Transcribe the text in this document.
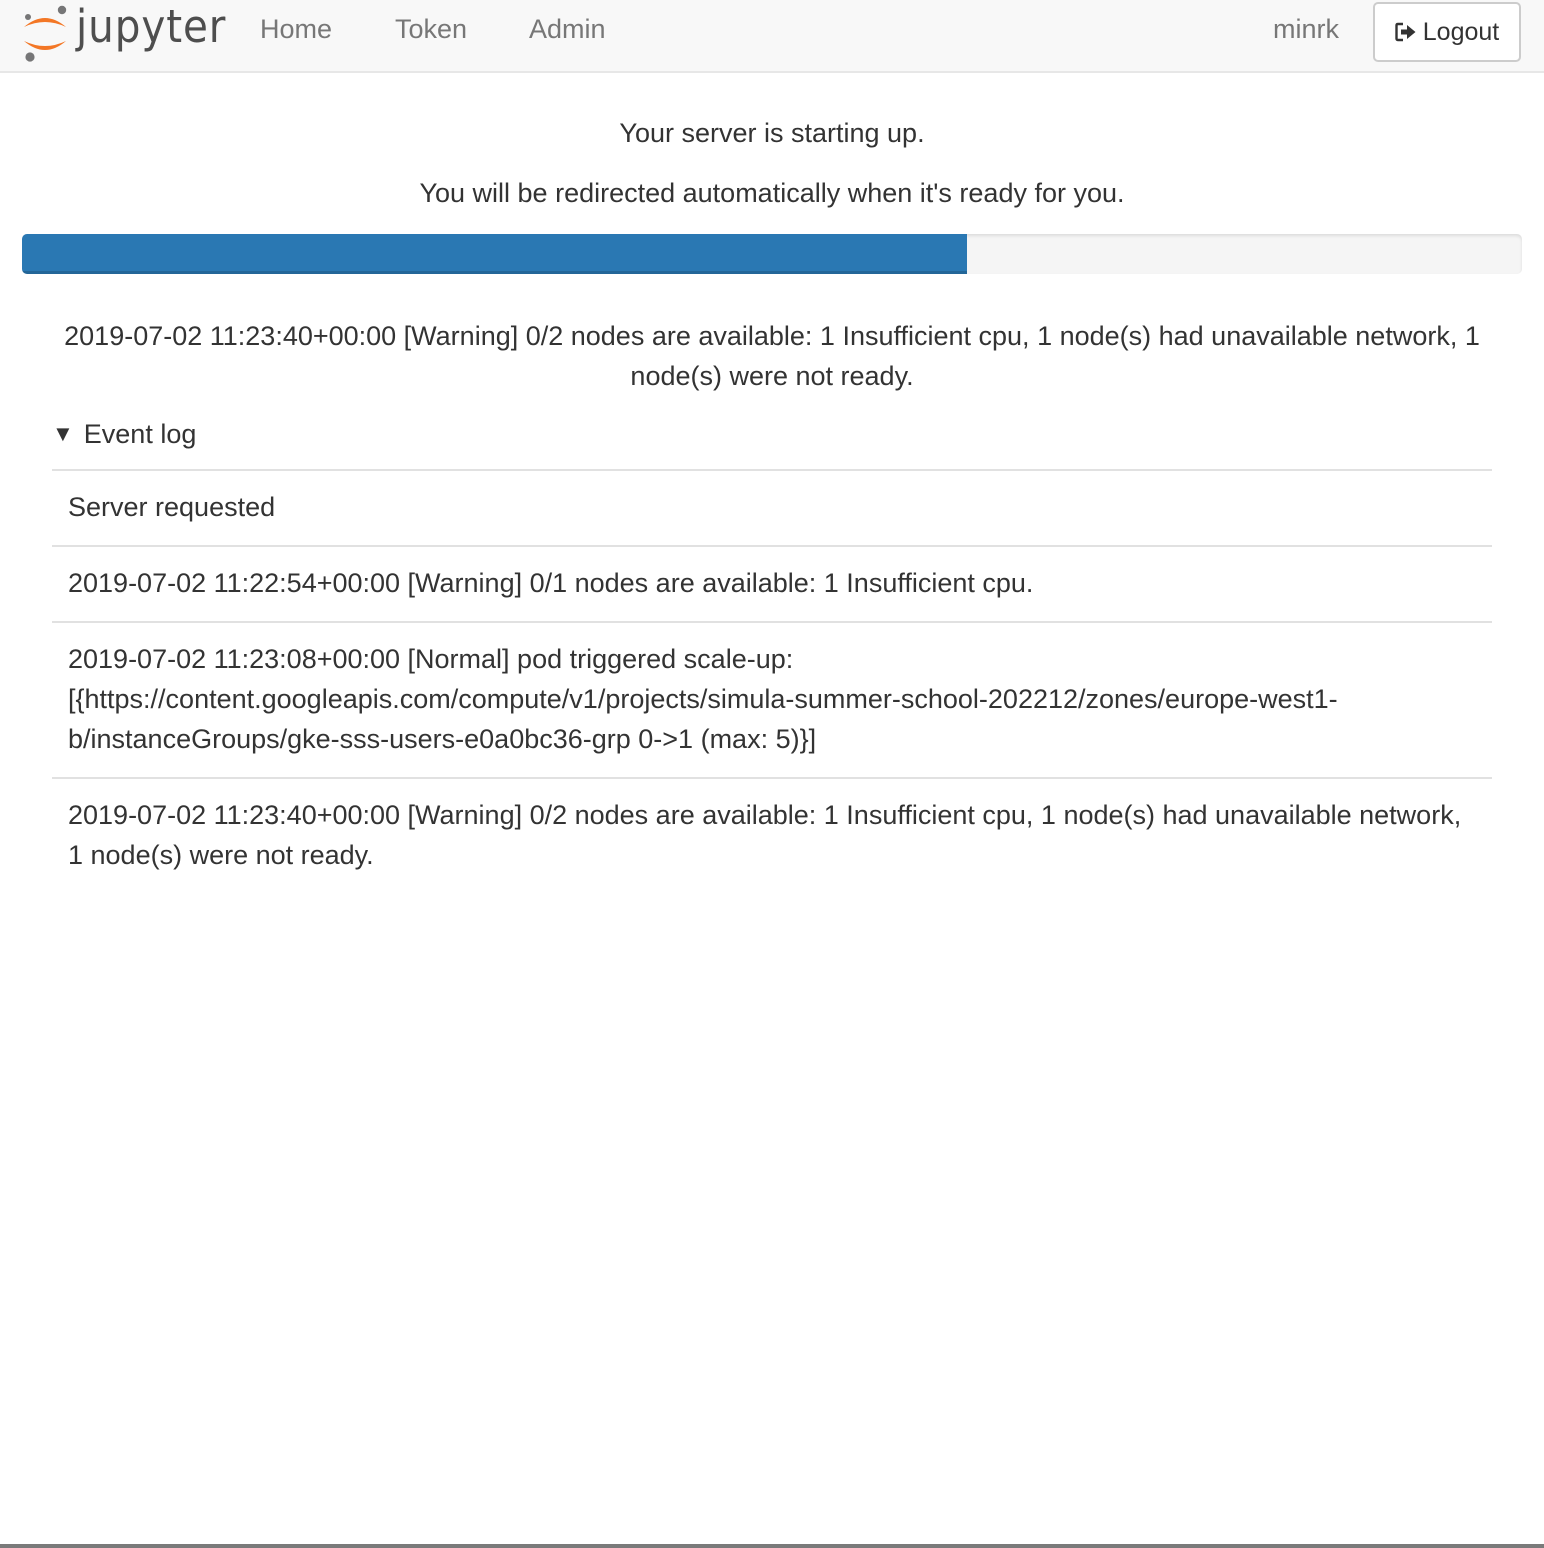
jupyter Home Token Admin	minrk	Logout

Your server is starting up.

You will be redirected automatically when it's ready for you.

2019-07-02 11:23:40+00:00 [Warning] 0/2 nodes are available: 1 Insufficient cpu, 1 node(s) had unavailable network, 1 node(s) were not ready.

▼ Event log
Server requested
2019-07-02 11:22:54+00:00 [Warning] 0/1 nodes are available: 1 Insufficient cpu.
2019-07-02 11:23:08+00:00 [Normal] pod triggered scale-up: [{https://content.googleapis.com/compute/v1/projects/simula-summer-school-202212/zones/europe-west1-b/instanceGroups/gke-sss-users-e0a0bc36-grp 0->1 (max: 5)}]
2019-07-02 11:23:40+00:00 [Warning] 0/2 nodes are available: 1 Insufficient cpu, 1 node(s) had unavailable network, 1 node(s) were not ready.
